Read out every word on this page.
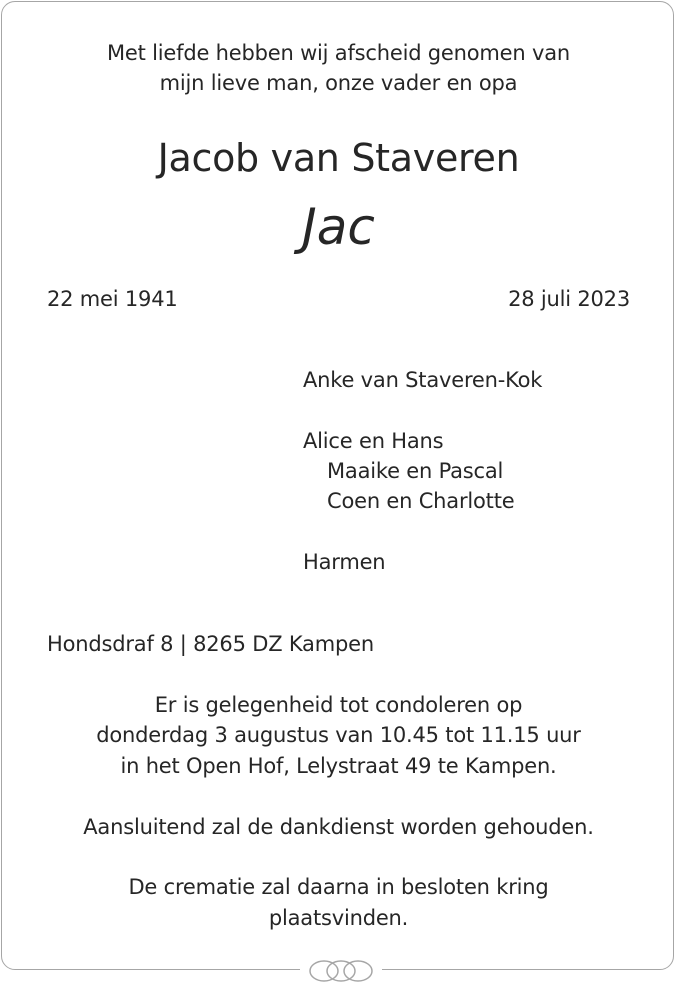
Met liefde hebben wij afscheid genomen van
mijn lieve man, onze vader en opa
Jacob van Staveren
Jac
22 mei 1941	28 juli 2023
Anke van Staveren-Kok
Alice en Hans
Maaike en Pascal
Coen en Charlotte
Harmen
Hondsdraf 8 | 8265 DZ Kampen
Er is gelegenheid tot condoleren op
donderdag 3 augustus van 10.45 tot 11.15 uur
in het Open Hof, Lelystraat 49 te Kampen.
Aansluitend zal de dankdienst worden gehouden.
De crematie zal daarna in besloten kring
plaatsvinden.
